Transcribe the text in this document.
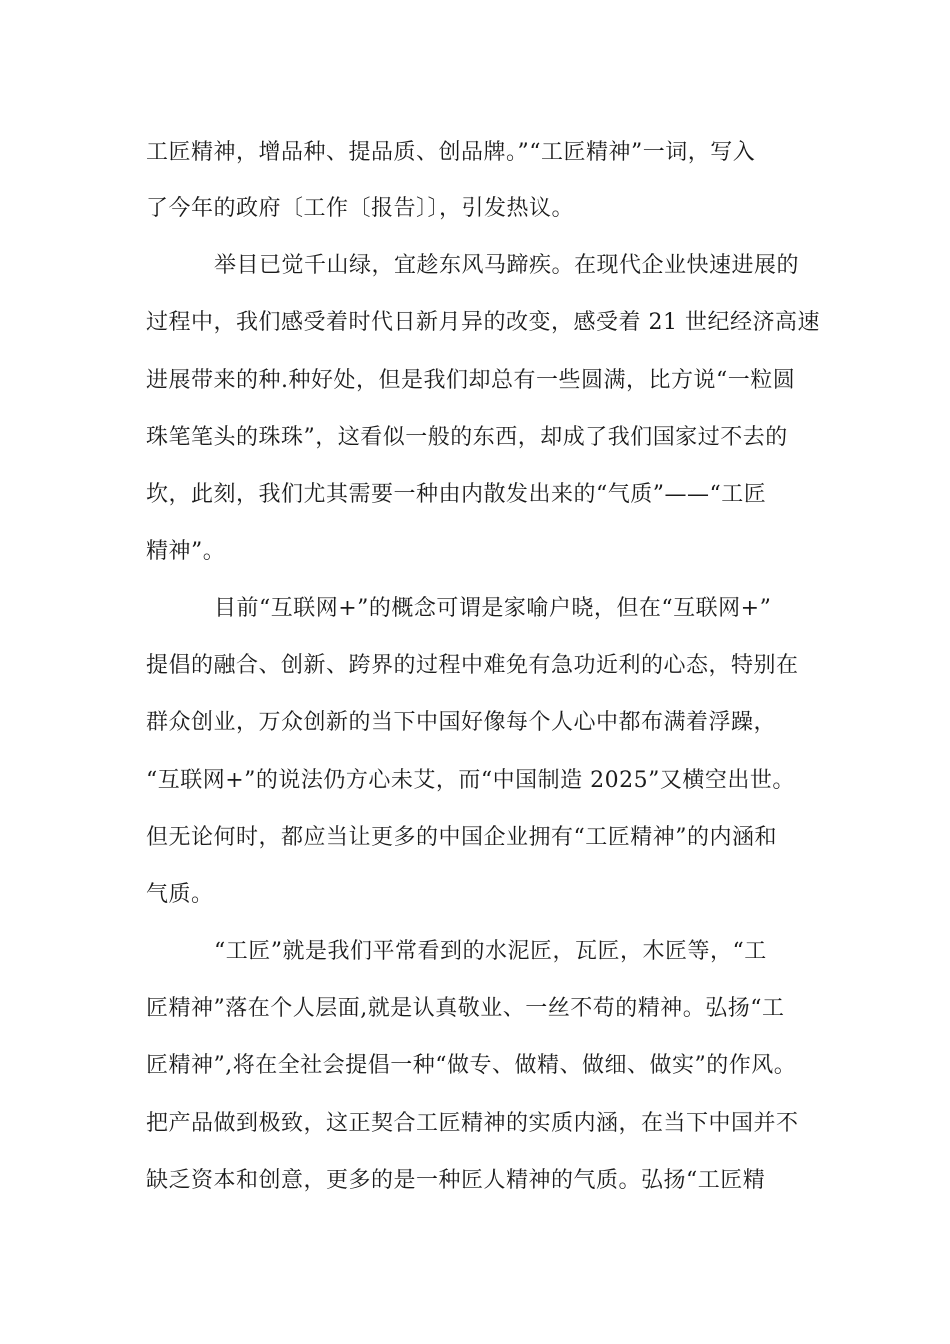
工匠精神，增品种、提品质、创品牌。”“工匠精神”一词，写入
了今年的政府〔工作〔报告〕〕，引发热议。
举目已觉千山绿，宜趁东风马蹄疾。在现代企业快速进展的
过程中，我们感受着时代日新月异的改变，感受着 21 世纪经济高速
进展带来的种.种好处，但是我们却总有一些圆满，比方说“一粒圆
珠笔笔头的珠珠”，这看似一般的东西，却成了我们国家过不去的
坎，此刻，我们尤其需要一种由内散发出来的“气质”——“工匠
精神”。
目前“互联网+”的概念可谓是家喻户晓，但在“互联网+”
提倡的融合、创新、跨界的过程中难免有急功近利的心态，特别在
群众创业，万众创新的当下中国好像每个人心中都布满着浮躁，
“互联网+”的说法仍方心未艾，而“中国制造 2025”又横空出世。
但无论何时，都应当让更多的中国企业拥有“工匠精神”的内涵和
气质。
“工匠”就是我们平常看到的水泥匠，瓦匠，木匠等，“工
匠精神”落在个人层面,就是认真敬业、一丝不苟的精神。弘扬“工
匠精神”,将在全社会提倡一种“做专、做精、做细、做实”的作风。
把产品做到极致，这正契合工匠精神的实质内涵，在当下中国并不
缺乏资本和创意，更多的是一种匠人精神的气质。弘扬“工匠精
